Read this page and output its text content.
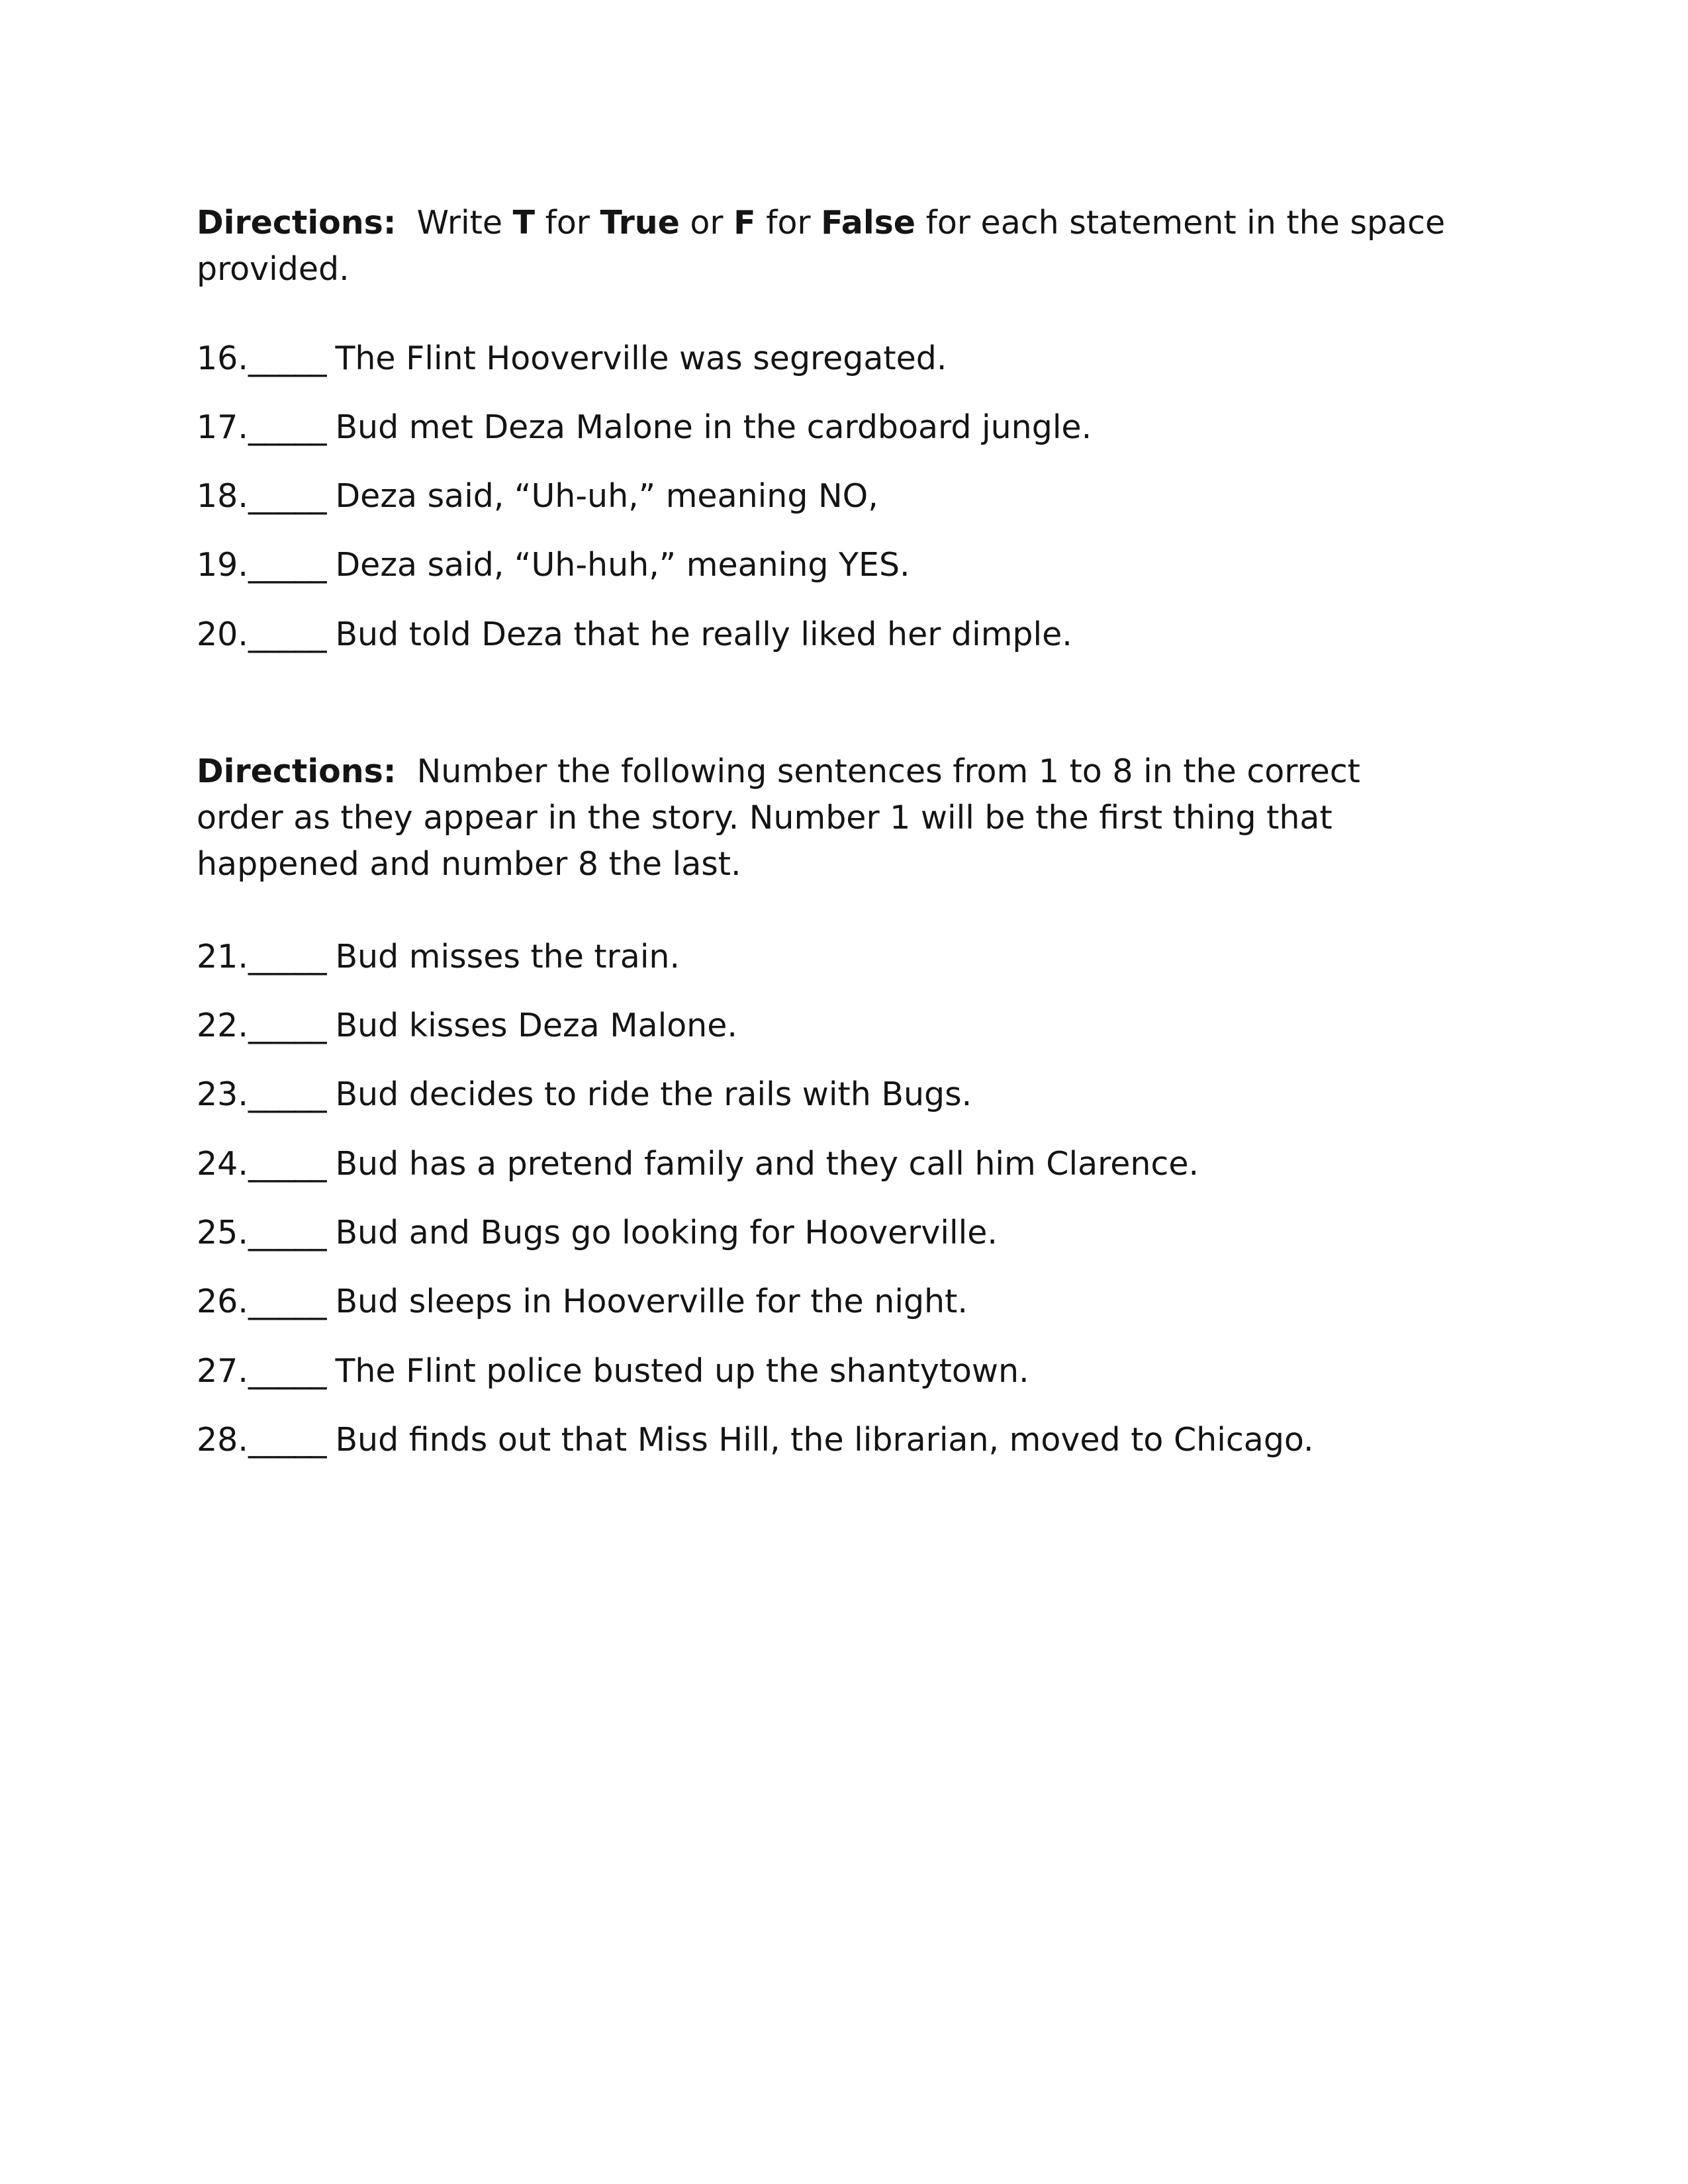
Directions: Write T for True or F for False for each statement in the space provided.
16._____ The Flint Hooverville was segregated.
17._____ Bud met Deza Malone in the cardboard jungle.
18._____ Deza said, “Uh-uh,” meaning NO,
19._____ Deza said, “Uh-huh,” meaning YES.
20._____ Bud told Deza that he really liked her dimple.
Directions: Number the following sentences from 1 to 8 in the correct order as they appear in the story. Number 1 will be the first thing that happened and number 8 the last.
21._____ Bud misses the train.
22._____ Bud kisses Deza Malone.
23._____ Bud decides to ride the rails with Bugs.
24._____ Bud has a pretend family and they call him Clarence.
25._____ Bud and Bugs go looking for Hooverville.
26._____ Bud sleeps in Hooverville for the night.
27._____ The Flint police busted up the shantytown.
28._____ Bud finds out that Miss Hill, the librarian, moved to Chicago.
